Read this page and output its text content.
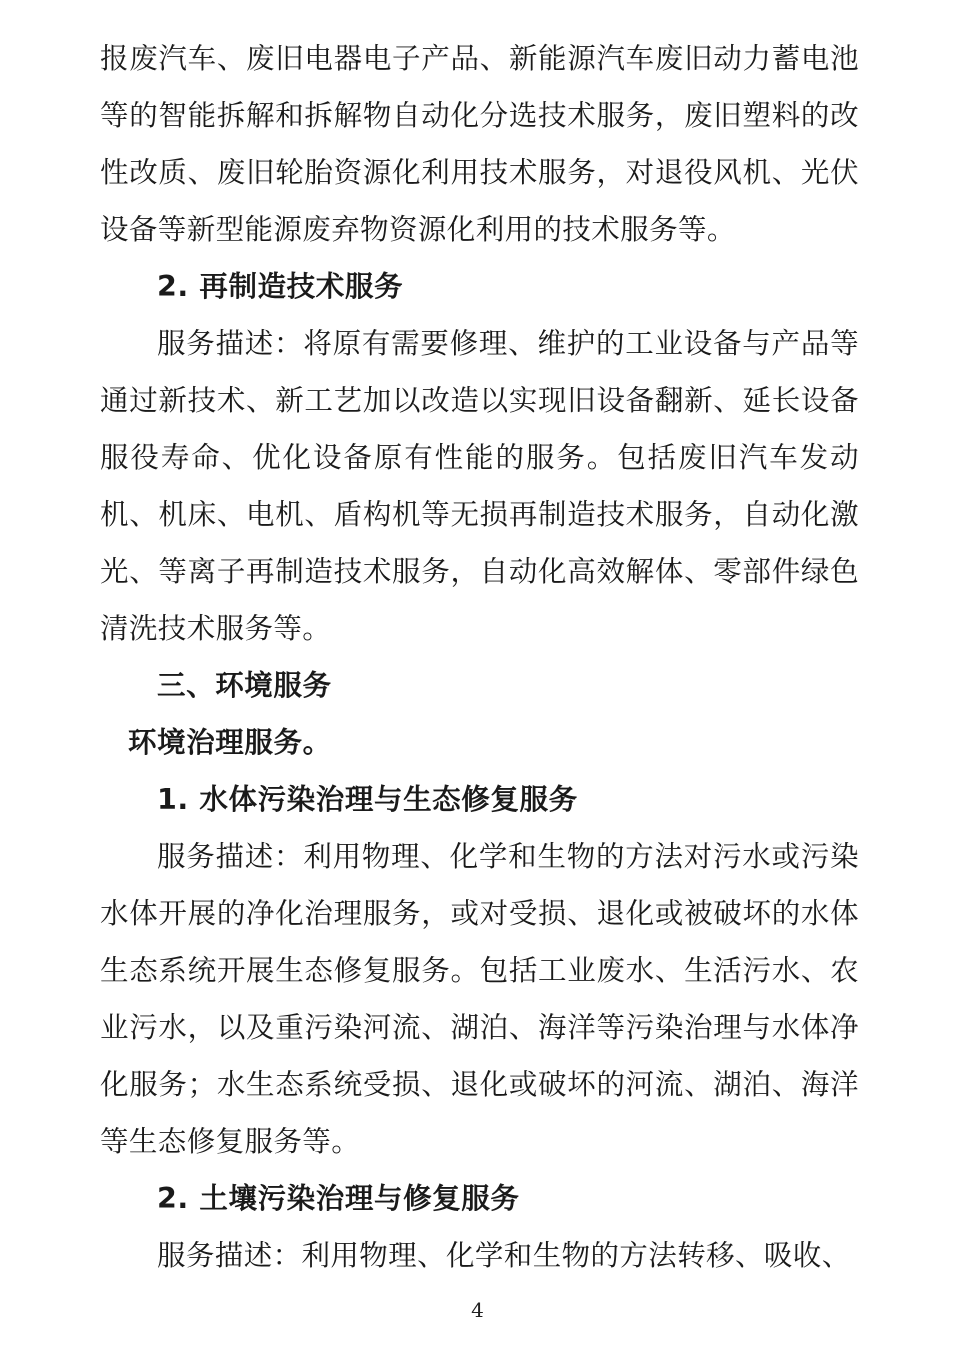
报废汽车、废旧电器电子产品、新能源汽车废旧动力蓄电池等的智能拆解和拆解物自动化分选技术服务，废旧塑料的改性改质、废旧轮胎资源化利用技术服务，对退役风机、光伏设备等新型能源废弃物资源化利用的技术服务等。

2. 再制造技术服务

服务描述：将原有需要修理、维护的工业设备与产品等通过新技术、新工艺加以改造以实现旧设备翻新、延长设备服役寿命、优化设备原有性能的服务。包括废旧汽车发动机、机床、电机、盾构机等无损再制造技术服务，自动化激光、等离子再制造技术服务，自动化高效解体、零部件绿色清洗技术服务等。

三、环境服务
环境治理服务。
1. 水体污染治理与生态修复服务

服务描述：利用物理、化学和生物的方法对污水或污染水体开展的净化治理服务，或对受损、退化或被破坏的水体生态系统开展生态修复服务。包括工业废水、生活污水、农业污水，以及重污染河流、湖泊、海洋等污染治理与水体净化服务；水生态系统受损、退化或破坏的河流、湖泊、海洋等生态修复服务等。

2. 土壤污染治理与修复服务

服务描述：利用物理、化学和生物的方法转移、吸收、

4
